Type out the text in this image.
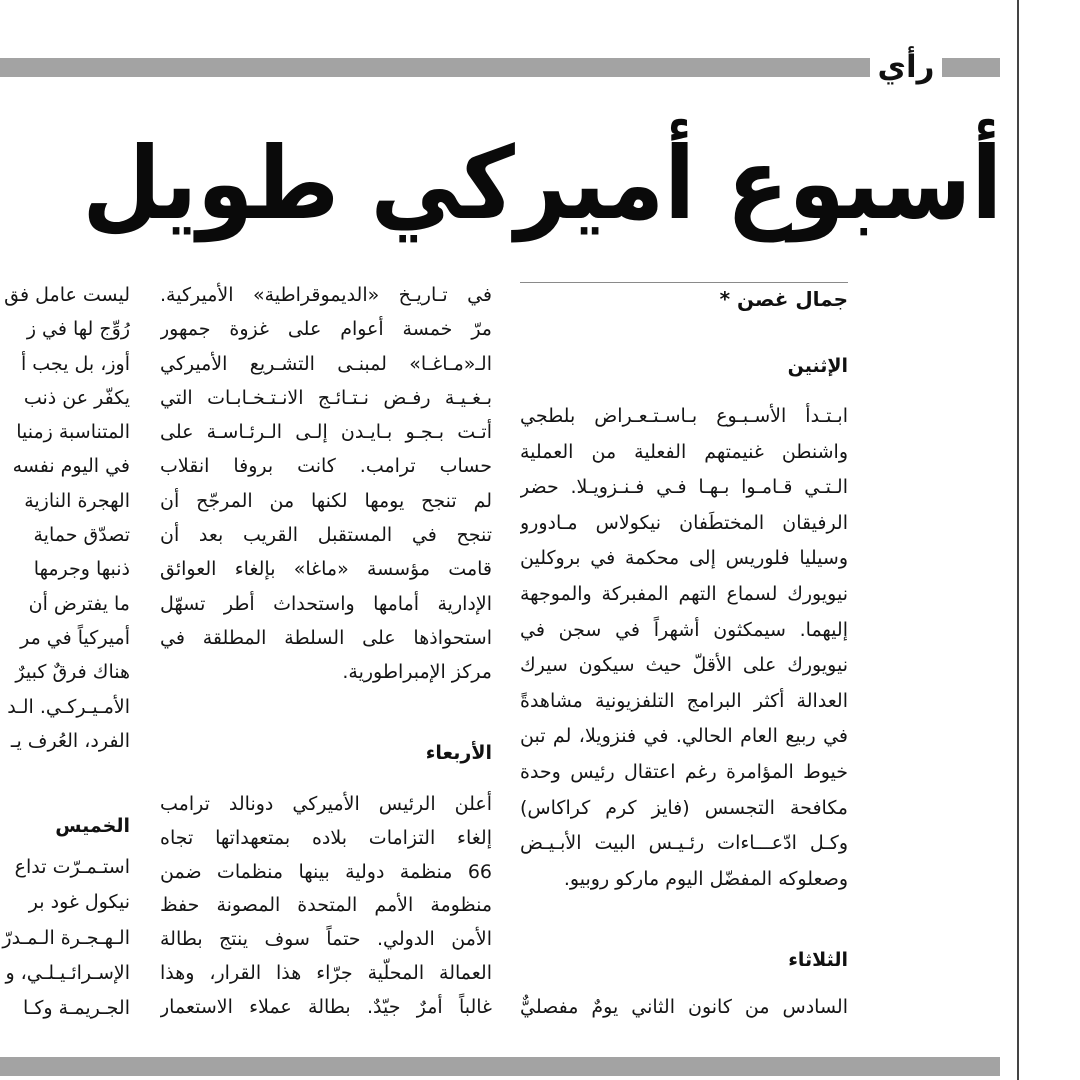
رأي
أسبوع أميركي طويل
جمال غصن *
الإثنين
ابـتـدأ الأسـبـوع بـاسـتـعـراض بلطجي
واشنطن غنيمتهم الفعلية من العملية
الـتـي قـامـوا بـهـا فـي فـنـزويـلا. حضر
الرفيقان المختطَفان نيكولاس مـادورو
وسيليا فلوريس إلى محكمة في بروكلين
نيويورك لسماع التهم المفبركة والموجهة
إليهما. سيمكثون أشهراً في سجن في
نيويورك على الأقلّ حيث سيكون سيرك
العدالة أكثر البرامج التلفزيونية مشاهدةً
في ربيع العام الحالي. في فنزويلا، لم تبن
خيوط المؤامرة رغم اعتقال رئيس وحدة
مكافحة التجسس (فايز كرم كراكاس)
وكـل ادّعـــاءات رئـيـس البيت الأبـيـض
وصعلوكه المفضّل اليوم ماركو روبيو.
الثلاثاء
السادس من كانون الثاني يومٌ مفصليٌّ
في تـاريـخ «الديموقراطية» الأميركية.
مرّ خمسة أعوام على غزوة جمهور
الـ«مـاغـا» لمبنـى التشـريع الأميركي
بـغـيـة رفـض نـتـائـج الانـتـخـابـات التي
أتـت بـجـو بـايـدن إلـى الـرئـاسـة على
حساب ترامب. كانت بروفا انقلاب
لم تنجح يومها لكنها من المرجّح أن
تنجح في المستقبل القريب بعد أن
قامت مؤسسة «ماغا» بإلغاء العوائق
الإدارية أمامها واستحداث أطر تسهّل
استحواذها على السلطة المطلقة في
مركز الإمبراطورية.
الأربعاء
أعلن الرئيس الأميركي دونالد ترامب
إلغاء التزامات بلاده بمتعهداتها تجاه
66 منظمة دولية بينها منظمات ضمن
منظومة الأمم المتحدة المصونة حفظ
الأمن الدولي. حتماً سوف ينتج بطالة
العمالة المحلّية جرّاء هذا القرار، وهذا
غالباً أمرٌ جيّدٌ. بطالة عملاء الاستعمار
ليست عامل فق
رُوِّج لها في ز
أوز، بل يجب أ
يكفّر عن ذنب
المتناسبة زمنيا
في اليوم نفسه
الهجرة النازية
تصدّق حماية
ذنبها وجرمها
ما يفترض أن
أميركياً في مر
هناك فرقٌ كبيرٌ
الأمـيـركـي. الـد
الفرد، العُرف يـ
الخميس
استـمـرّت تداع
نيكول غود بر
الـهـجـرة الـمـدرّ
الإسـرائـيـلـي، و
الجـريمـة وكـا
